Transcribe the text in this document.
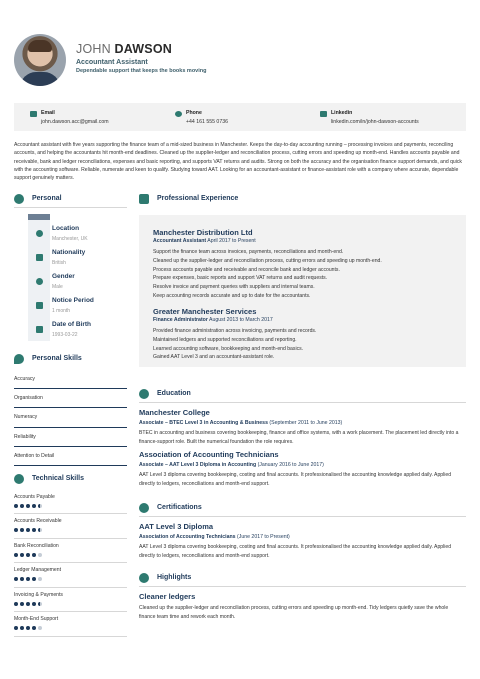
JOHN DAWSON
Accountant Assistant
Dependable support that keeps the books moving
Email
john.dawson.acc@gmail.com
Phone
+44 161 555 0736
Linkedin
linkedin.com/in/john-dawson-accounts
Accountant assistant with five years supporting the finance team of a mid-sized business in Manchester. Keeps the day-to-day accounting running – processing invoices and payments, reconciling accounts, and helping the accountants hit month-end deadlines. Cleaned up the supplier-ledger and reconciliation process, cutting errors and speeding up month-end. Handles accounts payable and receivable, bank and ledger reconciliations, expenses and basic reporting, and supports VAT returns and audits. Strong on both the accuracy and the organisation finance support demands, and quick with the accounting software. Reliable, numerate and keen to qualify. Studying toward AAT. Looking for an accountant-assistant or finance-assistant role with a company where accurate, dependable support genuinely matters.
Personal
Location
Manchester, UK
Nationality
British
Gender
Male
Notice Period
1 month
Date of Birth
1993-03-22
Personal Skills
Accuracy
Organisation
Numeracy
Reliability
Attention to Detail
Technical Skills
Accounts Payable
Accounts Receivable
Bank Reconciliation
Ledger Management
Invoicing & Payments
Month-End Support
Professional Experience
Manchester Distribution Ltd
Accountant Assistant April 2017 to Present
Support the finance team across invoices, payments, reconciliations and month-end.
Cleaned up the supplier-ledger and reconciliation process, cutting errors and speeding up month-end.
Process accounts payable and receivable and reconcile bank and ledger accounts.
Prepare expenses, basic reports and support VAT returns and audit requests.
Resolve invoice and payment queries with suppliers and internal teams.
Keep accounting records accurate and up to date for the accountants.
Greater Manchester Services
Finance Administrator August 2013 to March 2017
Provided finance administration across invoicing, payments and records.
Maintained ledgers and supported reconciliations and reporting.
Learned accounting software, bookkeeping and month-end basics.
Gained AAT Level 3 and an accountant-assistant role.
Education
Manchester College
Associate – BTEC Level 3 in Accounting & Business (September 2011 to June 2013)
BTEC in accounting and business covering bookkeeping, finance and office systems, with a work placement. The placement led directly into a finance-support role. Built the numerical foundation the role requires.
Association of Accounting Technicians
Associate – AAT Level 3 Diploma in Accounting (January 2016 to June 2017)
AAT Level 3 diploma covering bookkeeping, costing and final accounts. It professionalised the accounting knowledge applied daily. Applied directly to ledgers, reconciliations and month-end support.
Certifications
AAT Level 3 Diploma
Association of Accounting Technicians (June 2017 to Present)
AAT Level 3 diploma covering bookkeeping, costing and final accounts. It professionalised the accounting knowledge applied daily. Applied directly to ledgers, reconciliations and month-end support.
Highlights
Cleaner ledgers
Cleaned up the supplier-ledger and reconciliation process, cutting errors and speeding up month-end. Tidy ledgers quietly save the whole finance team time and rework each month.
